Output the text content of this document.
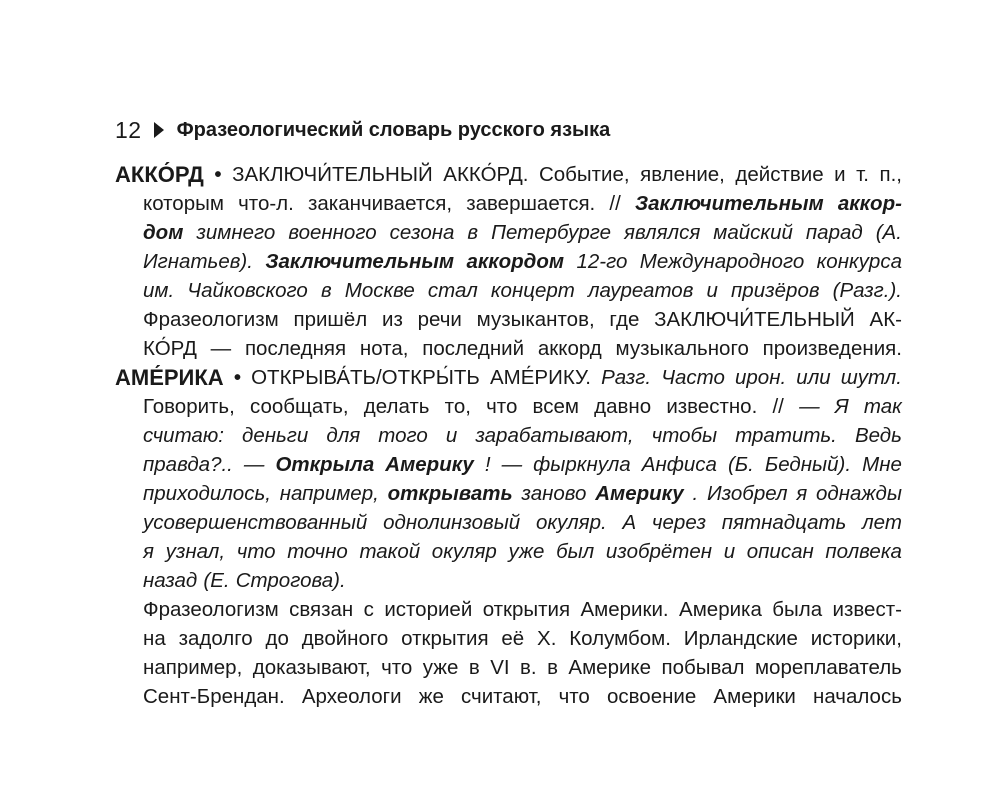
12 Фразеологический словарь русского языка
АККО́РД • ЗАКЛЮЧИ́ТЕЛЬНЫЙ АККО́РД. Событие, явление, действие и т. п.,
которым что-л. заканчивается, завершается. // Заключительным аккор-
дом зимнего военного сезона в Петербурге являлся майский парад (А.
Игнатьев). Заключительным аккордом 12-го Международного конкурса
им. Чайковского в Москве стал концерт лауреатов и призёров (Разг.).
Фразеологизм пришёл из речи музыкантов, где ЗАКЛЮЧИ́ТЕЛЬНЫЙ АК-
КО́РД — последняя нота, последний аккорд музыкального произведения.
АМЕ́РИКА • ОТКРЫВА́ТЬ/ОТКРЫ́ТЬ АМЕ́РИКУ. Разг. Часто ирон. или шутл.
Говорить, сообщать, делать то, что всем давно известно. // — Я так
считаю: деньги для того и зарабатывают, чтобы тратить. Ведь
правда?.. — Открыла Америку ! — фыркнула Анфиса (Б. Бедный). Мне
приходилось, например, открывать заново Америку . Изобрел я однажды
усовершенствованный однолинзовый окуляр. А через пятнадцать лет
я узнал, что точно такой окуляр уже был изобрётен и описан полвека
назад (Е. Строгова).
Фразеологизм связан с историей открытия Америки. Америка была извест-
на задолго до двойного открытия её Х. Колумбом. Ирландские историки,
например, доказывают, что уже в VI в. в Америке побывал мореплаватель
Сент-Брендан. Археологи же считают, что освоение Америки началось
